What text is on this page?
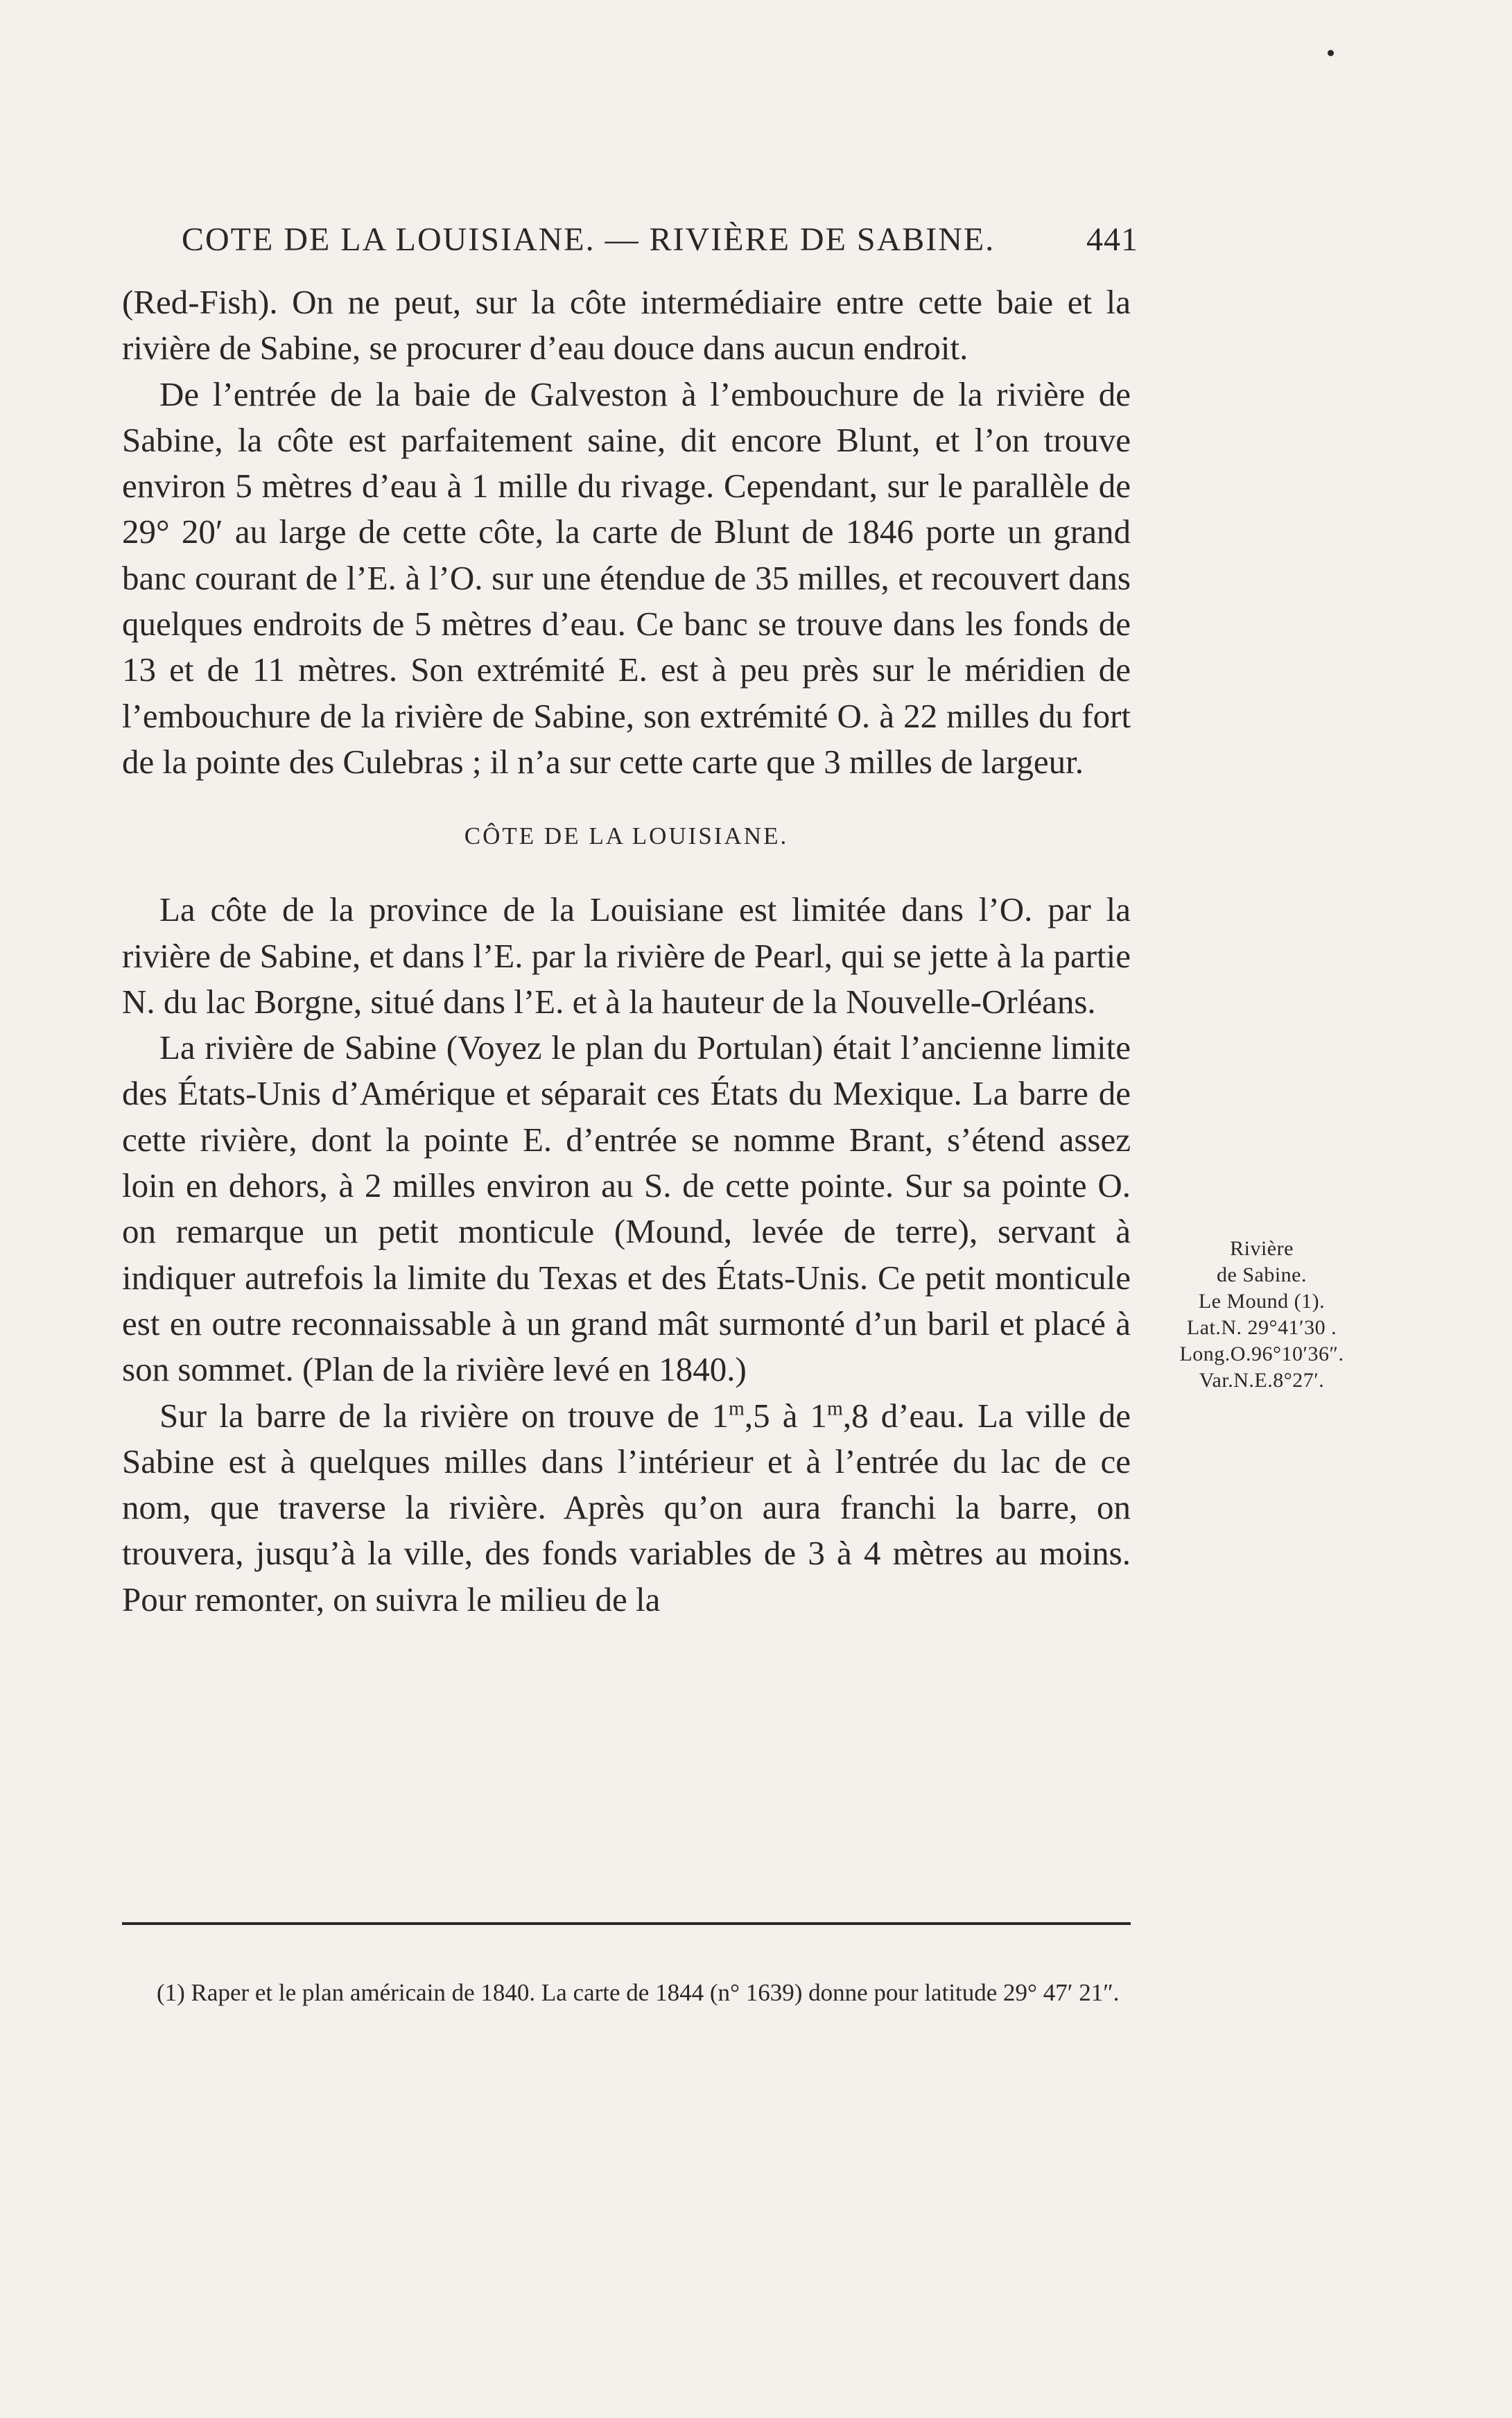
COTE DE LA LOUISIANE. — RIVIÈRE DE SABINE.	441

(Red-Fish). On ne peut, sur la côte intermédiaire entre cette baie et la rivière de Sabine, se procurer d’eau douce dans aucun endroit.

De l’entrée de la baie de Galveston à l’embouchure de la rivière de Sabine, la côte est parfaitement saine, dit encore Blunt, et l’on trouve environ 5 mètres d’eau à 1 mille du rivage. Cependant, sur le parallèle de 29° 20′ au large de cette côte, la carte de Blunt de 1846 porte un grand banc courant de l’E. à l’O. sur une étendue de 35 milles, et recouvert dans quelques endroits de 5 mètres d’eau. Ce banc se trouve dans les fonds de 13 et de 11 mètres. Son extrémité E. est à peu près sur le méridien de l’embouchure de la rivière de Sabine, son extrémité O. à 22 milles du fort de la pointe des Culebras ; il n’a sur cette carte que 3 milles de largeur.

CÔTE DE LA LOUISIANE.

La côte de la province de la Louisiane est limitée dans l’O. par la rivière de Sabine, et dans l’E. par la rivière de Pearl, qui se jette à la partie N. du lac Borgne, situé dans l’E. et à la hauteur de la Nouvelle-Orléans.

La rivière de Sabine (Voyez le plan du Portulan) était l’ancienne limite des États-Unis d’Amérique et séparait ces États du Mexique. La barre de cette rivière, dont la pointe E. d’entrée se nomme Brant, s’étend assez loin en dehors, à 2 milles environ au S. de cette pointe. Sur sa pointe O. on remarque un petit monticule (Mound, levée de terre), servant à indiquer autrefois la limite du Texas et des États-Unis. Ce petit monticule est en outre reconnaissable à un grand mât surmonté d’un baril et placé à son sommet. (Plan de la rivière levé en 1840.)

Sur la barre de la rivière on trouve de 1$^m$,5 à 1$^m$,8 d’eau. La ville de Sabine est à quelques milles dans l’intérieur et à l’entrée du lac de ce nom, que traverse la rivière. Après qu’on aura franchi la barre, on trouvera, jusqu’à la ville, des fonds variables de 3 à 4 mètres au moins. Pour remonter, on suivra le milieu de la

Rivière
de Sabine.
Le Mound (1).
Lat.N. 29°41′30 .
Long.O.96°10′36″.
Var.N.E.8°27′.

(1) Raper et le plan américain de 1840. La carte de 1844 (n° 1639) donne pour latitude 29° 47′ 21″.
